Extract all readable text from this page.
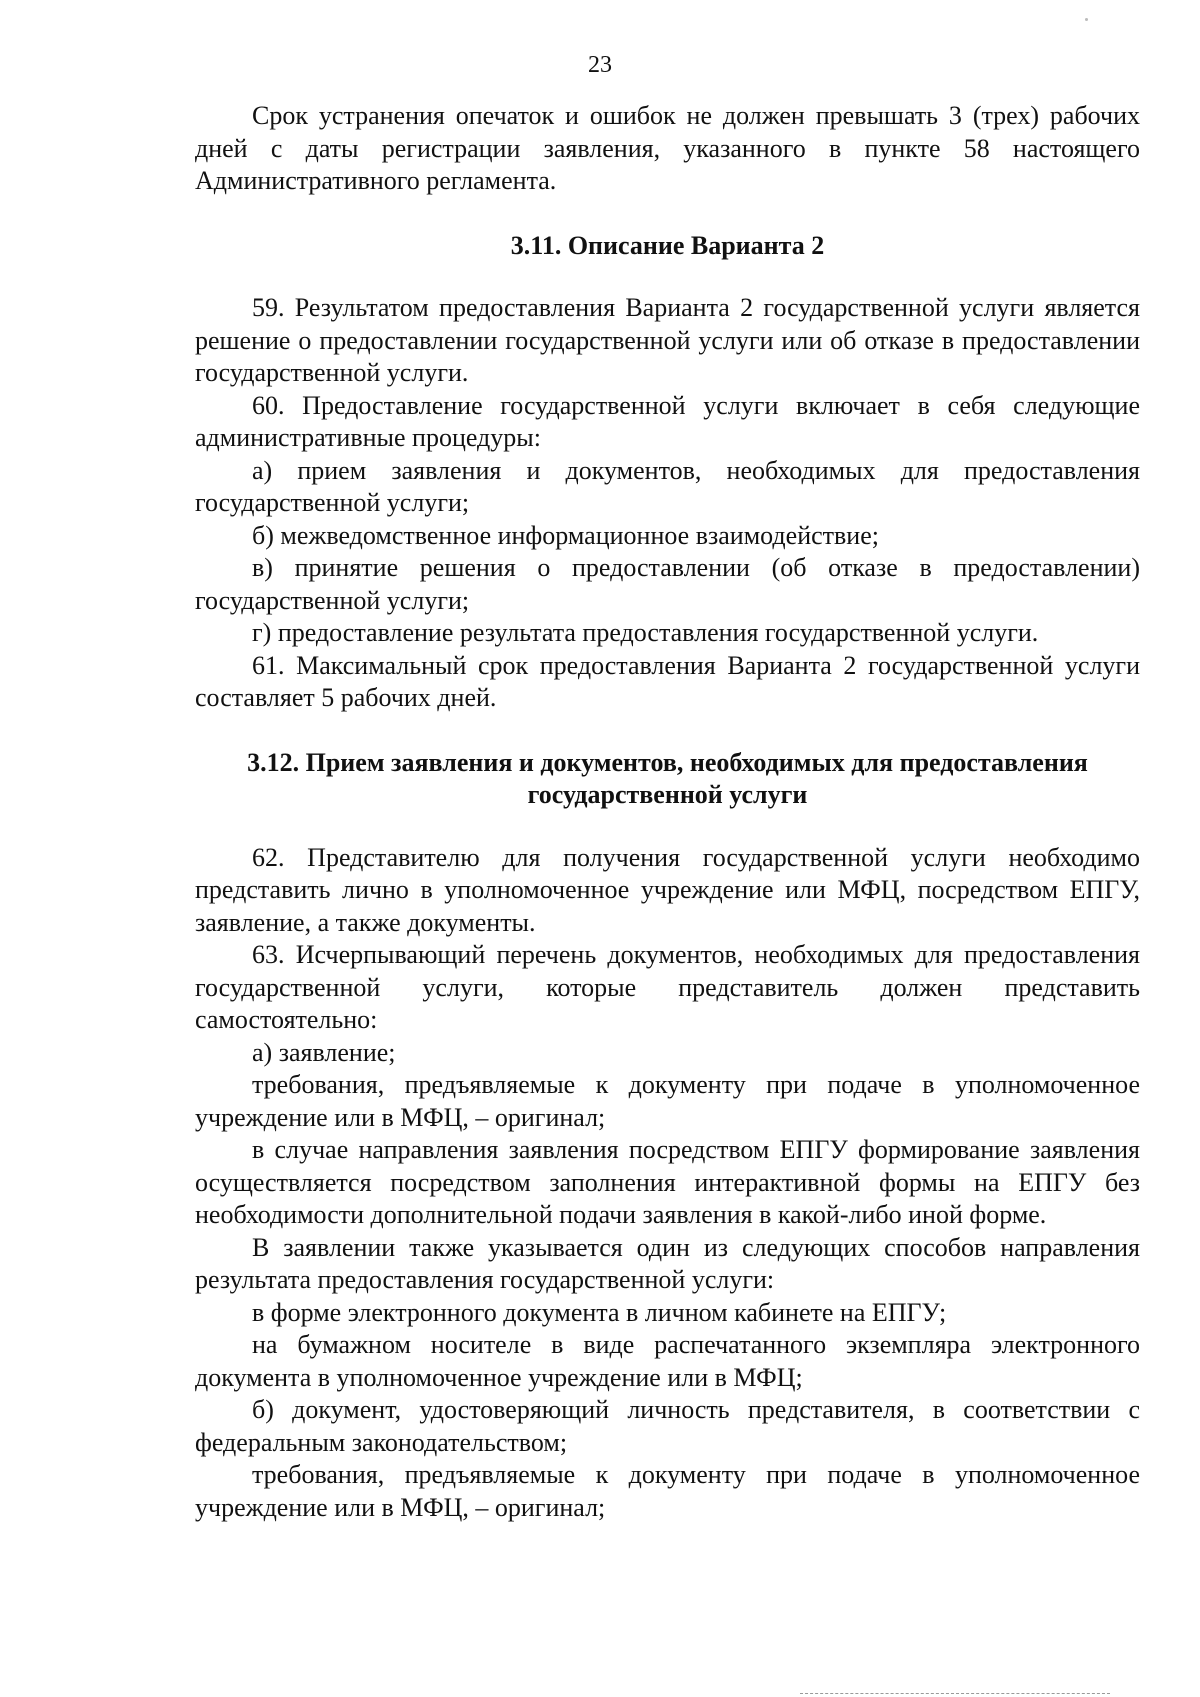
23

Срок устранения опечаток и ошибок не должен превышать 3 (трех) рабочих дней с даты регистрации заявления, указанного в пункте 58 настоящего Административного регламента.

3.11. Описание Варианта 2

59. Результатом предоставления Варианта 2 государственной услуги является решение о предоставлении государственной услуги или об отказе в предоставлении государственной услуги.

60. Предоставление государственной услуги включает в себя следующие административные процедуры:

а) прием заявления и документов, необходимых для предоставления государственной услуги;

б) межведомственное информационное взаимодействие;

в) принятие решения о предоставлении (об отказе в предоставлении) государственной услуги;

г) предоставление результата предоставления государственной услуги.

61. Максимальный срок предоставления Варианта 2 государственной услуги составляет 5 рабочих дней.

3.12. Прием заявления и документов, необходимых для предоставления

государственной услуги

62. Представителю для получения государственной услуги необходимо представить лично в уполномоченное учреждение или МФЦ, посредством ЕПГУ, заявление, а также документы.

63. Исчерпывающий перечень документов, необходимых для предоставления государственной услуги, которые представитель должен представить самостоятельно:

а) заявление;

требования, предъявляемые к документу при подаче в уполномоченное учреждение или в МФЦ, – оригинал;

в случае направления заявления посредством ЕПГУ формирование заявления осуществляется посредством заполнения интерактивной формы на ЕПГУ без необходимости дополнительной подачи заявления в какой-либо иной форме.

В заявлении также указывается один из следующих способов направления результата предоставления государственной услуги:

в форме электронного документа в личном кабинете на ЕПГУ;

на бумажном носителе в виде распечатанного экземпляра электронного документа в уполномоченное учреждение или в МФЦ;

б) документ, удостоверяющий личность представителя, в соответствии с федеральным законодательством;

требования, предъявляемые к документу при подаче в уполномоченное учреждение или в МФЦ, – оригинал;
